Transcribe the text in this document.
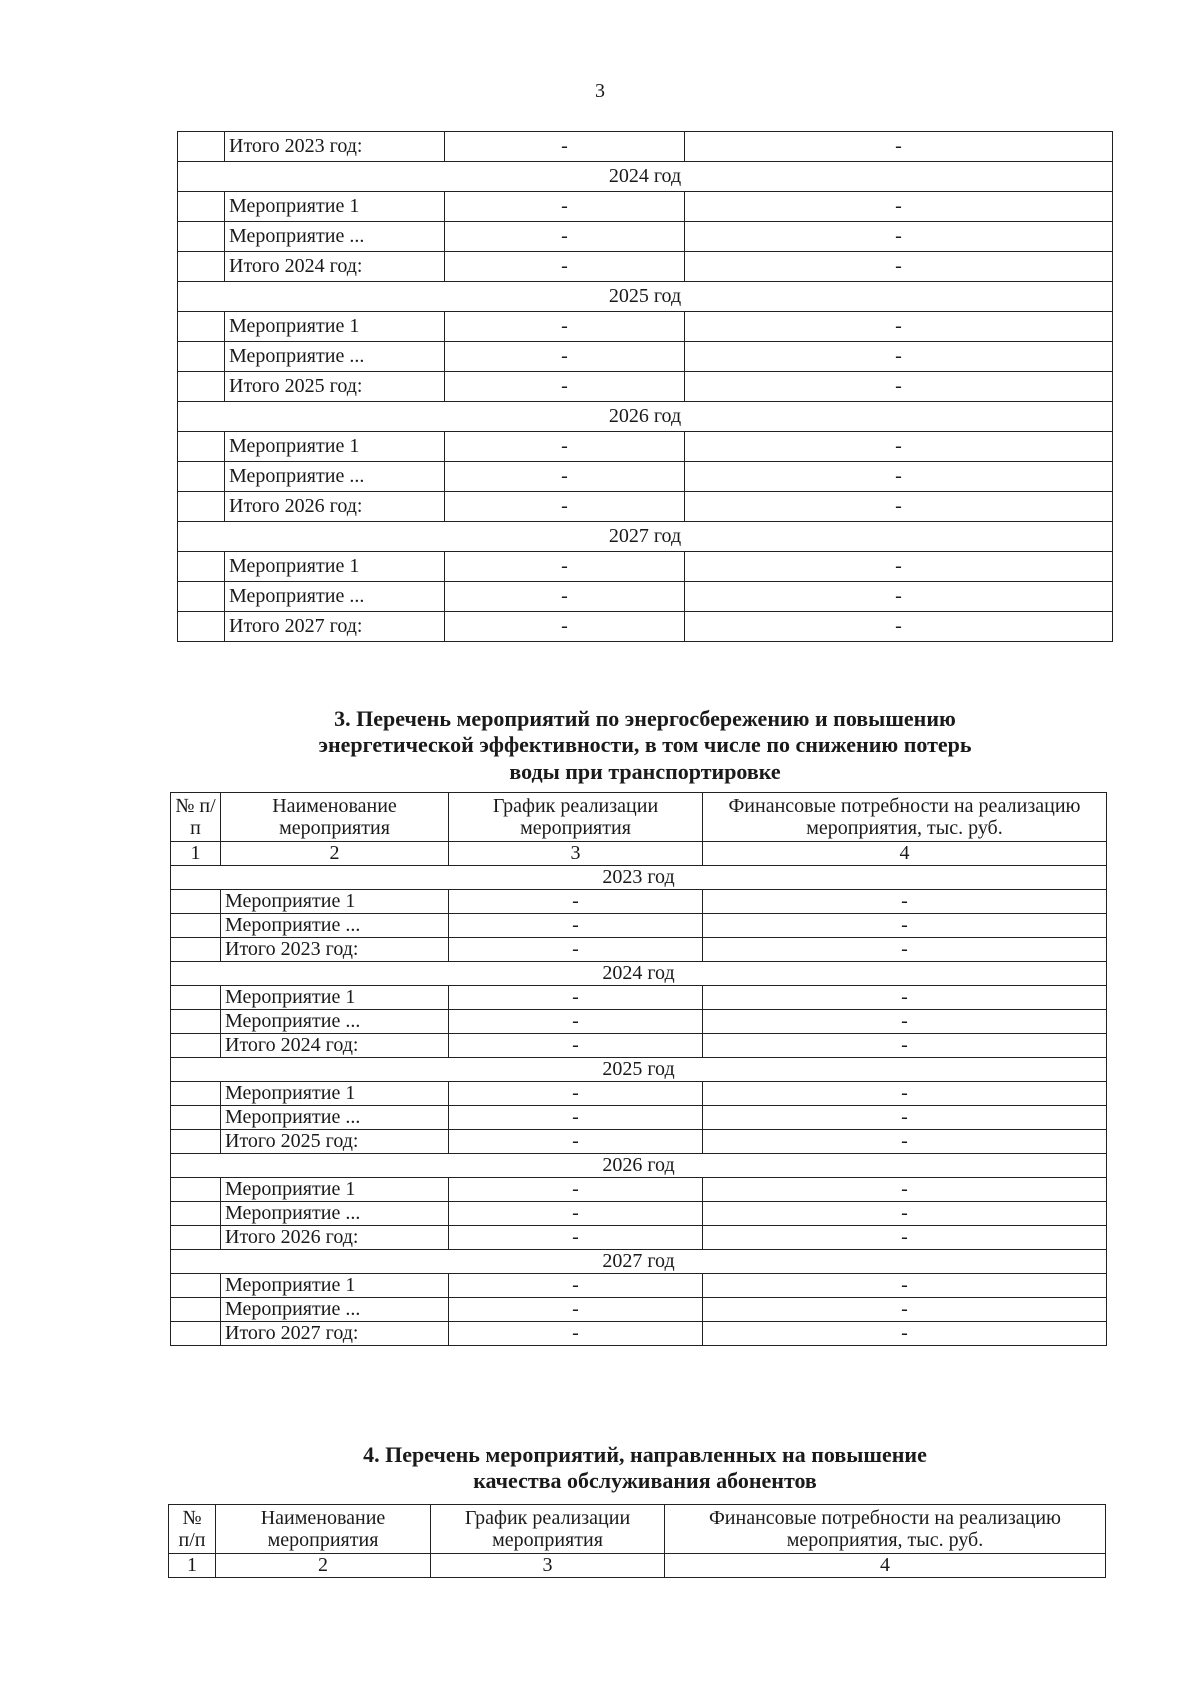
3
	Итого 2023 год:	-	-
2024 год			
	Мероприятие 1	-	-
	Мероприятие ...	-	-
	Итого 2024 год:	-	-
2025 год			
	Мероприятие 1	-	-
	Мероприятие ...	-	-
	Итого 2025 год:	-	-
2026 год			
	Мероприятие 1	-	-
	Мероприятие ...	-	-
	Итого 2026 год:	-	-
2027 год			
	Мероприятие 1	-	-
	Мероприятие ...	-	-
	Итого 2027 год:	-	-
3. Перечень мероприятий по энергосбережению и повышению
энергетической эффективности, в том числе по снижению потерь
воды при транспортировке
№ п/п	Наименование мероприятия	График реализации мероприятия	Финансовые потребности на реализацию мероприятия, тыс. руб.
1	2	3	4
2023 год			
	Мероприятие 1	-	-
	Мероприятие ...	-	-
	Итого 2023 год:	-	-
2024 год			
	Мероприятие 1	-	-
	Мероприятие ...	-	-
	Итого 2024 год:	-	-
2025 год			
	Мероприятие 1	-	-
	Мероприятие ...	-	-
	Итого 2025 год:	-	-
2026 год			
	Мероприятие 1	-	-
	Мероприятие ...	-	-
	Итого 2026 год:	-	-
2027 год			
	Мероприятие 1	-	-
	Мероприятие ...	-	-
	Итого 2027 год:	-	-
4. Перечень мероприятий, направленных на повышение
качества обслуживания абонентов
№ п/п	Наименование мероприятия	График реализации мероприятия	Финансовые потребности на реализацию мероприятия, тыс. руб.
1	2	3	4
